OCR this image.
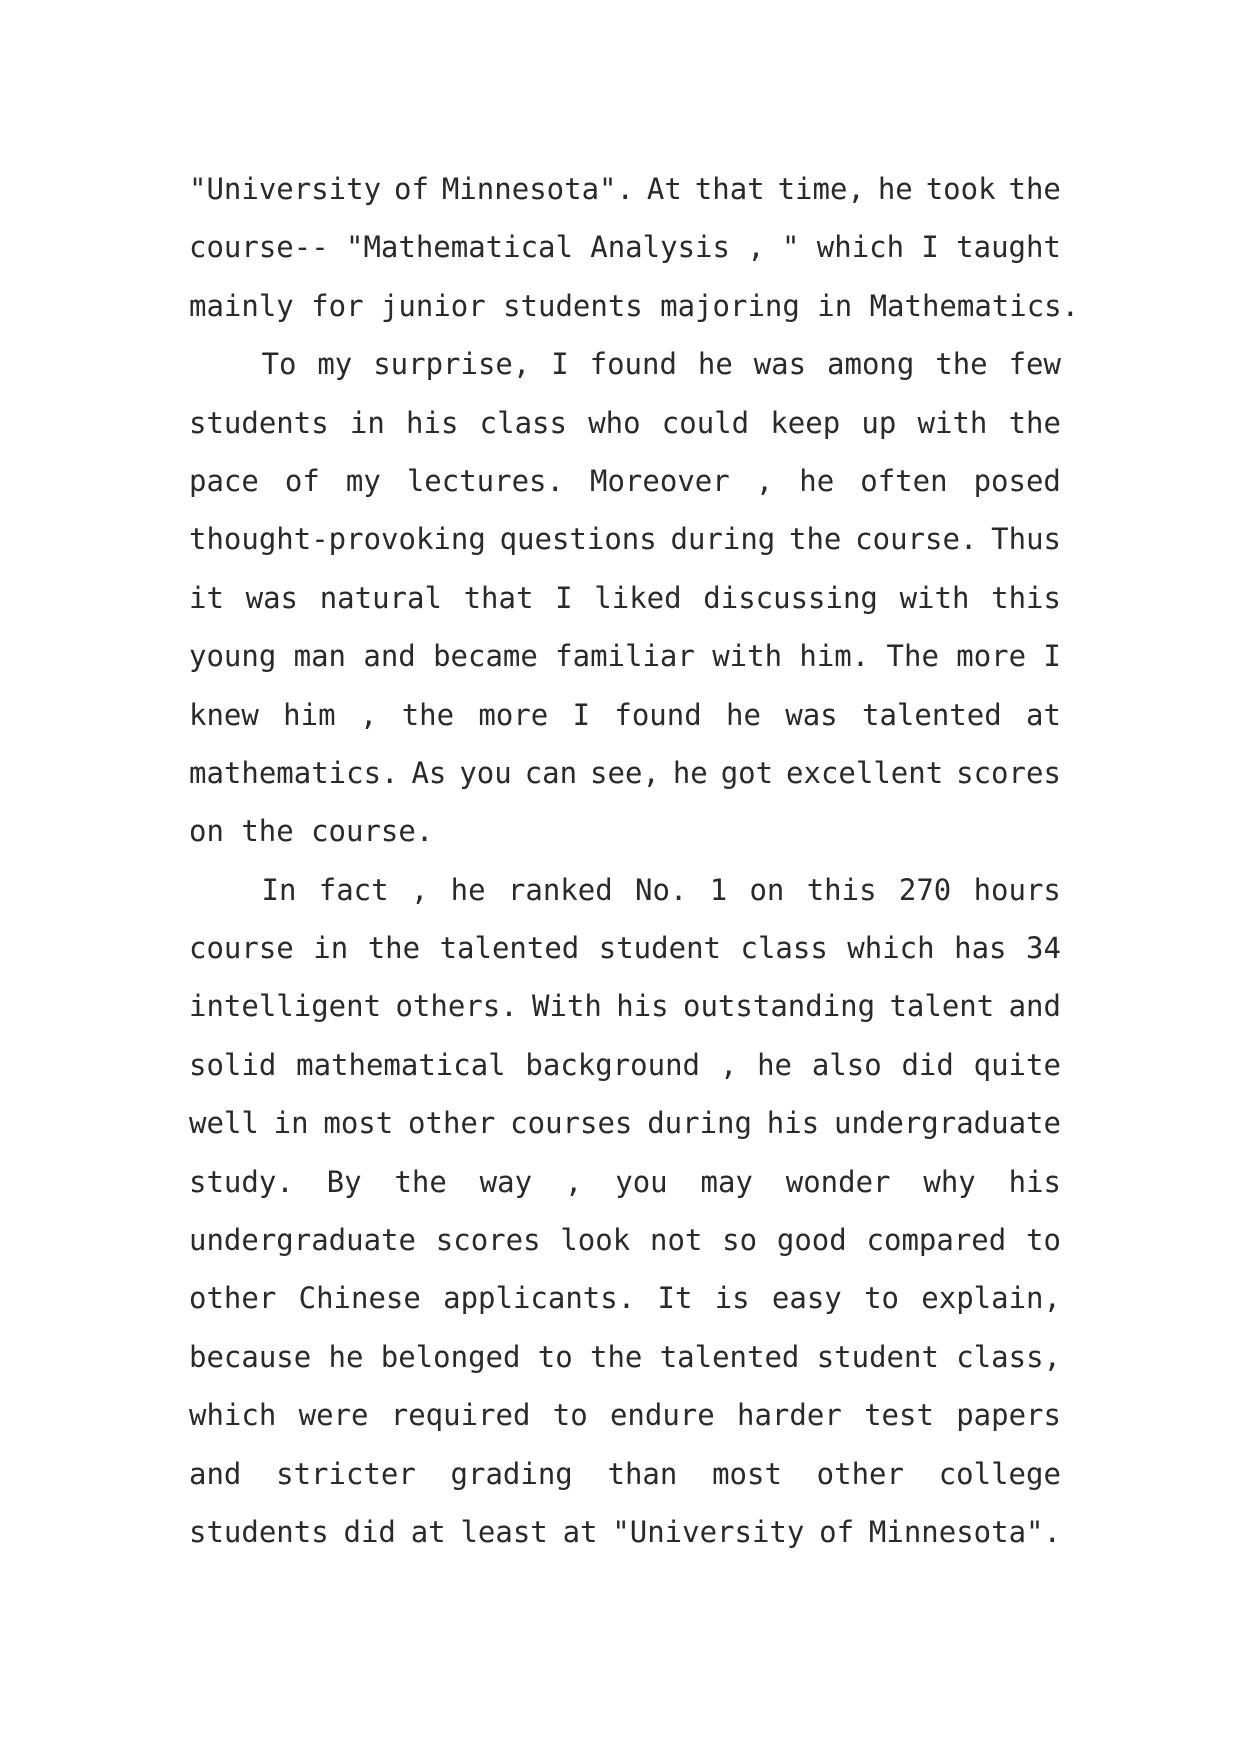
"University of Minnesota". At that time, he took the
course-- "Mathematical Analysis , " which I taught
mainly for junior students majoring in Mathematics.
To my surprise, I found he was among the few
students in his class who could keep up with the
pace of my lectures. Moreover , he often posed
thought-provoking questions during the course. Thus
it was natural that I liked discussing with this
young man and became familiar with him. The more I
knew him , the more I found he was talented at
mathematics. As you can see, he got excellent scores
on the course.
In fact , he ranked No. 1 on this 270 hours
course in the talented student class which has 34
intelligent others. With his outstanding talent and
solid mathematical background , he also did quite
well in most other courses during his undergraduate
study. By the way , you may wonder why his
undergraduate scores look not so good compared to
other Chinese applicants. It is easy to explain,
because he belonged to the talented student class,
which were required to endure harder test papers
and stricter grading than most other college
students did at least at "University of Minnesota".
